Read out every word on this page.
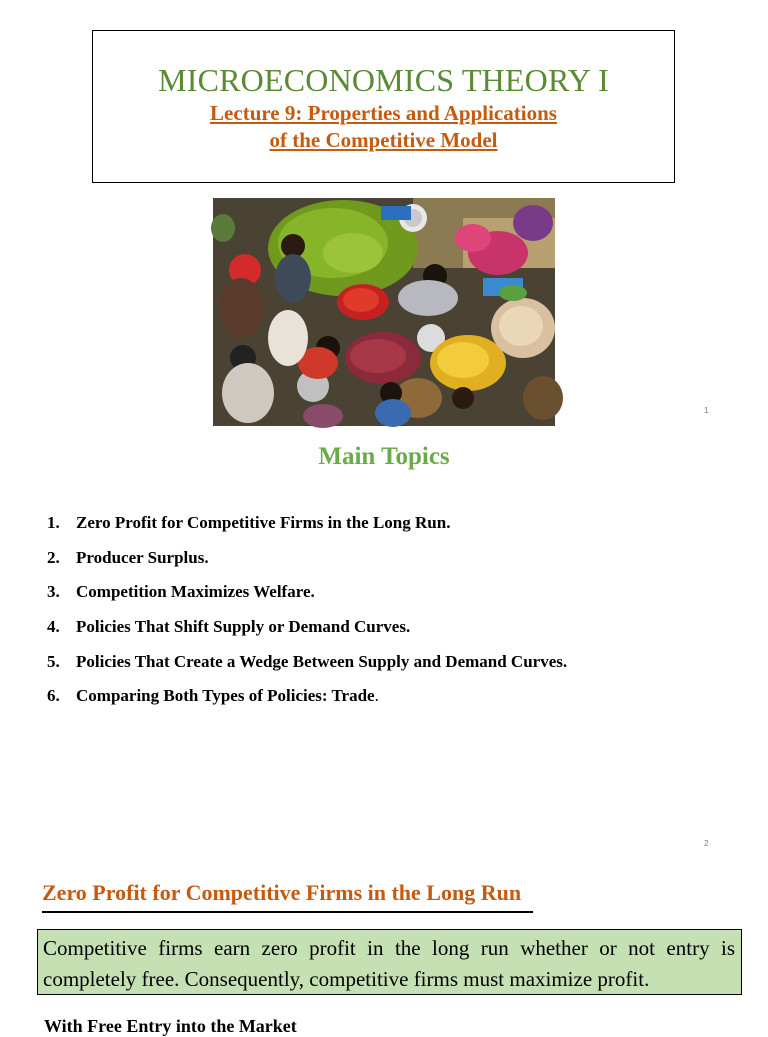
MICROECONOMICS THEORY I
Lecture 9: Properties and Applications
of the Competitive Model
1
Main Topics
1. Zero Profit for Competitive Firms in the Long Run.
2. Producer Surplus.
3. Competition Maximizes Welfare.
4. Policies That Shift Supply or Demand Curves.
5. Policies That Create a Wedge Between Supply and Demand Curves.
6. Comparing Both Types of Policies: Trade.
2
Zero Profit for Competitive Firms in the Long Run
Competitive firms earn zero profit in the long run whether or not entry is completely free. Consequently, competitive firms must maximize profit.
With Free Entry into the Market
